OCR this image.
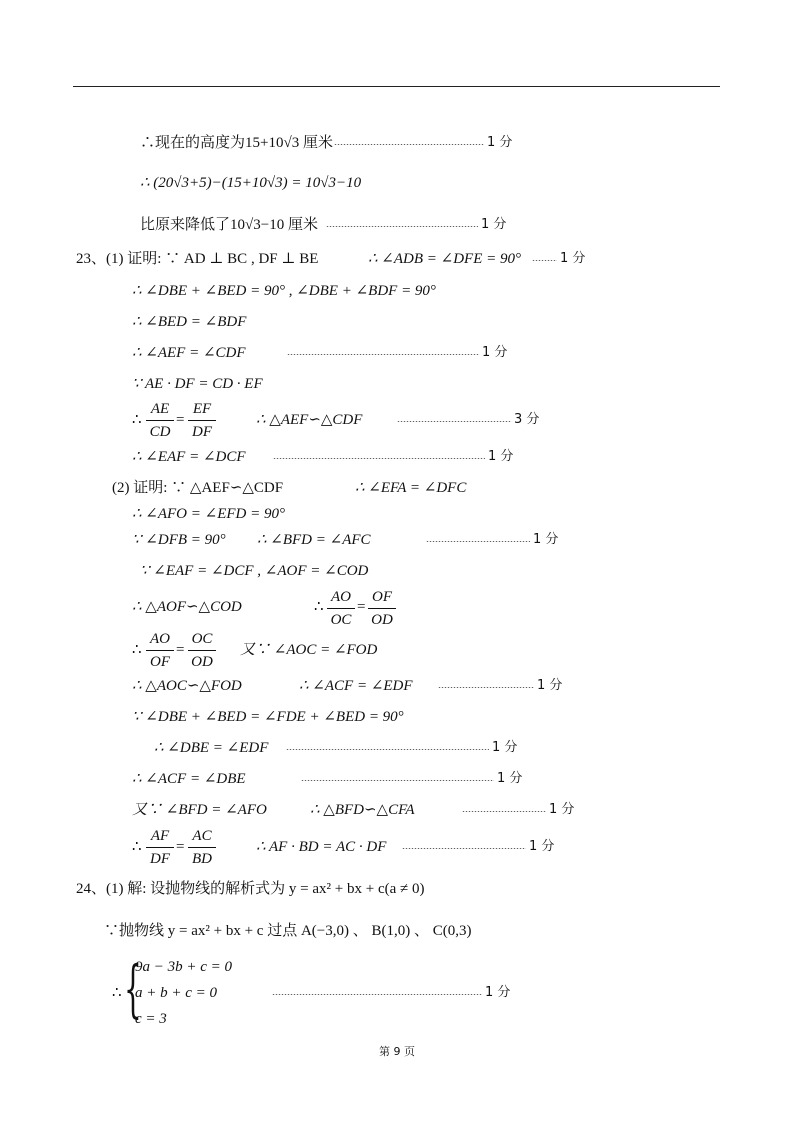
∴现在的高度为15+10√3 厘米	1 分
∴ (20√3+5)−(15+10√3) = 10√3−10
比原来降低了10√3−10 厘米	1 分
23、(1) 证明: ∵ AD ⊥ BC , DF ⊥ BE	∴ ∠ADB = ∠DFE = 90°	1 分
∴ ∠DBE + ∠BED = 90° , ∠DBE + ∠BDF = 90°
∴ ∠BED = ∠BDF
∴ ∠AEF = ∠CDF	1 分
∵ AE · DF = CD · EF
∴
AE
CD
=
EF
DF
∴ △AEF∽△CDF	3 分
∴ ∠EAF = ∠DCF	1 分
(2) 证明: ∵ △AEF∽△CDF	∴ ∠EFA = ∠DFC
∴ ∠AFO = ∠EFD = 90°
∵ ∠DFB = 90° ∴ ∠BFD = ∠AFC	1 分
∵ ∠EAF = ∠DCF , ∠AOF = ∠COD
∴ △AOF∽△COD	∴
AO
OC
=
OF
OD
∴
AO
OF
=
OC
OD
又∵ ∠AOC = ∠FOD
∴ △AOC∽△FOD	∴ ∠ACF = ∠EDF	1 分
∵ ∠DBE + ∠BED = ∠FDE + ∠BED = 90°
∴ ∠DBE = ∠EDF	1 分
∴ ∠ACF = ∠DBE	1 分
又∵ ∠BFD = ∠AFO	∴ △BFD∽△CFA	1 分
∴
AF
DF
=
AC
BD
∴ AF · BD = AC · DF	1 分
24、(1) 解: 设抛物线的解析式为 y = ax² + bx + c(a ≠ 0)
∵抛物线 y = ax² + bx + c 过点 A(−3,0) 、 B(1,0) 、 C(0,3)
∴ {
9a − 3b + c = 0
a + b + c = 0
c = 3
1 分
第 9 页
